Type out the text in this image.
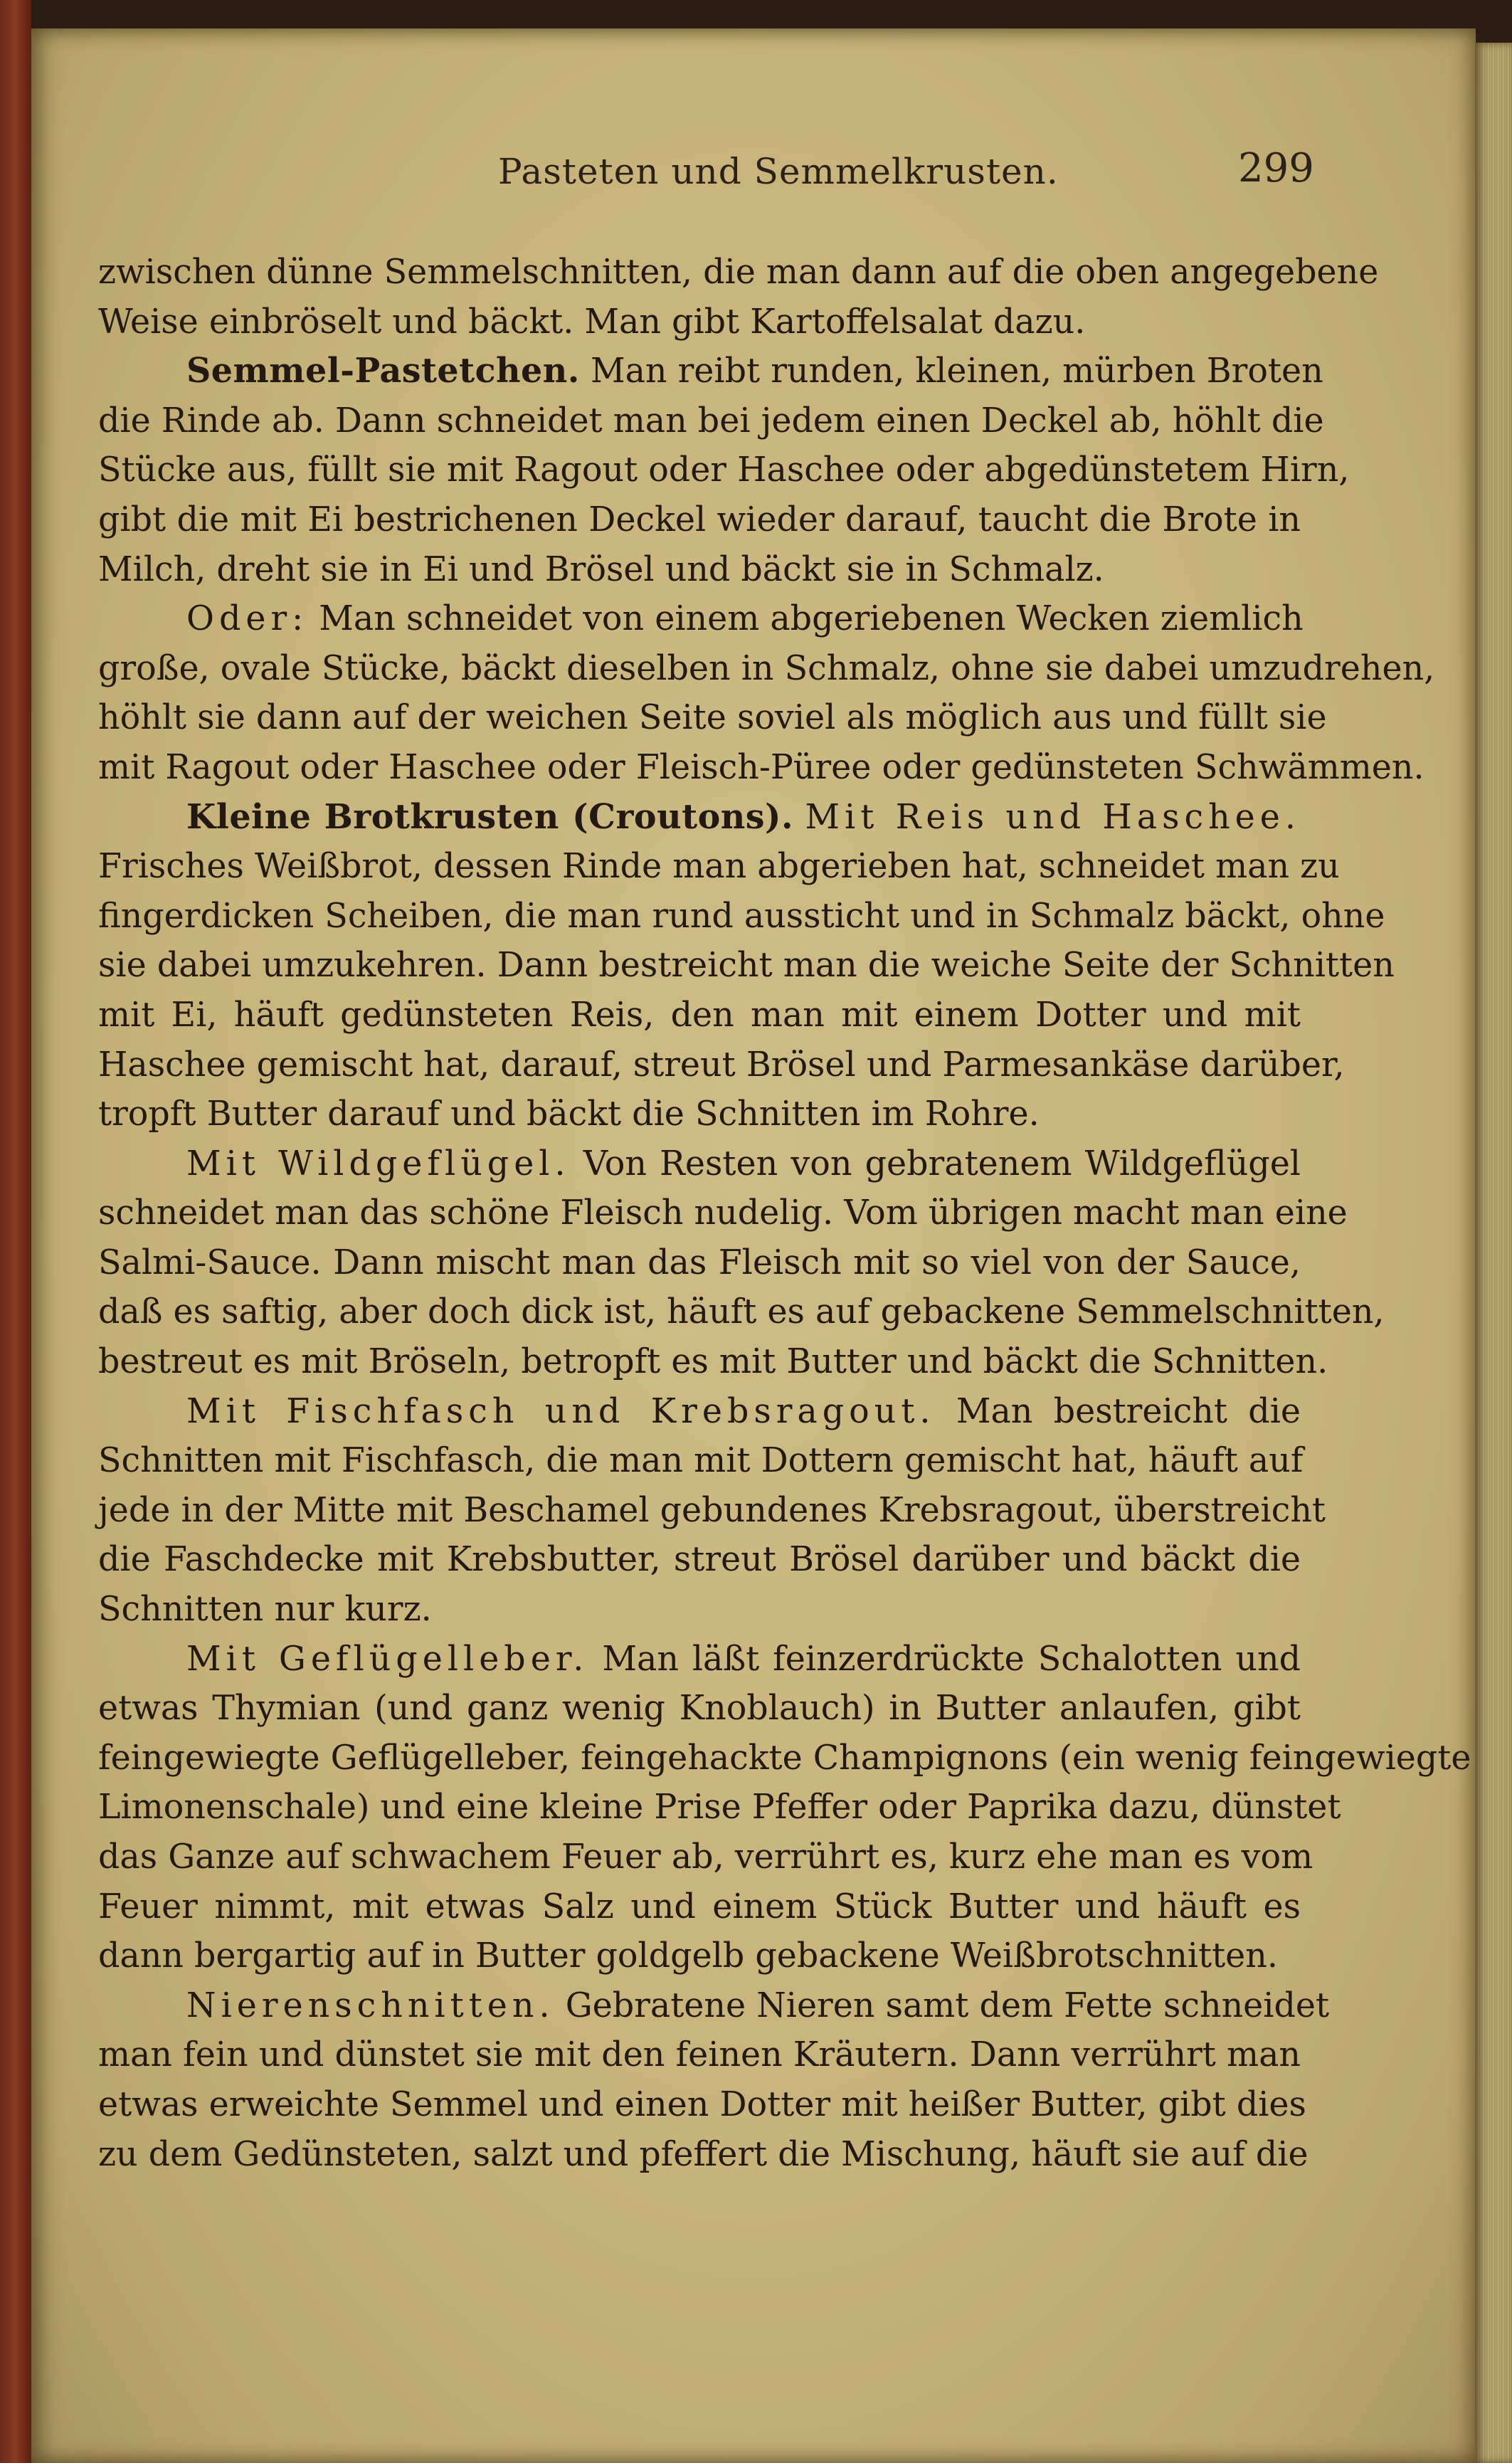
Pasteten und Semmelkrusten.	299
zwischen dünne Semmelschnitten, die man dann auf die oben angegebene
Weise einbröselt und bäckt. Man gibt Kartoffelsalat dazu.
Semmel-Pastetchen. Man reibt runden, kleinen, mürben Broten
die Rinde ab. Dann schneidet man bei jedem einen Deckel ab, höhlt die
Stücke aus, füllt sie mit Ragout oder Haschee oder abgedünstetem Hirn,
gibt die mit Ei bestrichenen Deckel wieder darauf, taucht die Brote in
Milch, dreht sie in Ei und Brösel und bäckt sie in Schmalz.
Oder: Man schneidet von einem abgeriebenen Wecken ziemlich
große, ovale Stücke, bäckt dieselben in Schmalz, ohne sie dabei umzudrehen,
höhlt sie dann auf der weichen Seite soviel als möglich aus und füllt sie
mit Ragout oder Haschee oder Fleisch-Püree oder gedünsteten Schwämmen.
Kleine Brotkrusten (Croutons). Mit Reis und Haschee.
Frisches Weißbrot, dessen Rinde man abgerieben hat, schneidet man zu
fingerdicken Scheiben, die man rund aussticht und in Schmalz bäckt, ohne
sie dabei umzukehren. Dann bestreicht man die weiche Seite der Schnitten
mit Ei, häuft gedünsteten Reis, den man mit einem Dotter und mit
Haschee gemischt hat, darauf, streut Brösel und Parmesankäse darüber,
tropft Butter darauf und bäckt die Schnitten im Rohre.
Mit Wildgeflügel. Von Resten von gebratenem Wildgeflügel
schneidet man das schöne Fleisch nudelig. Vom übrigen macht man eine
Salmi-Sauce. Dann mischt man das Fleisch mit so viel von der Sauce,
daß es saftig, aber doch dick ist, häuft es auf gebackene Semmelschnitten,
bestreut es mit Bröseln, betropft es mit Butter und bäckt die Schnitten.
Mit Fischfasch und Krebsragout. Man bestreicht die
Schnitten mit Fischfasch, die man mit Dottern gemischt hat, häuft auf
jede in der Mitte mit Beschamel gebundenes Krebsragout, überstreicht
die Faschdecke mit Krebsbutter, streut Brösel darüber und bäckt die
Schnitten nur kurz.
Mit Geflügelleber. Man läßt feinzerdrückte Schalotten und
etwas Thymian (und ganz wenig Knoblauch) in Butter anlaufen, gibt
feingewiegte Geflügelleber, feingehackte Champignons (ein wenig feingewiegte
Limonenschale) und eine kleine Prise Pfeffer oder Paprika dazu, dünstet
das Ganze auf schwachem Feuer ab, verrührt es, kurz ehe man es vom
Feuer nimmt, mit etwas Salz und einem Stück Butter und häuft es
dann bergartig auf in Butter goldgelb gebackene Weißbrotschnitten.
Nierenschnitten. Gebratene Nieren samt dem Fette schneidet
man fein und dünstet sie mit den feinen Kräutern. Dann verrührt man
etwas erweichte Semmel und einen Dotter mit heißer Butter, gibt dies
zu dem Gedünsteten, salzt und pfeffert die Mischung, häuft sie auf die
